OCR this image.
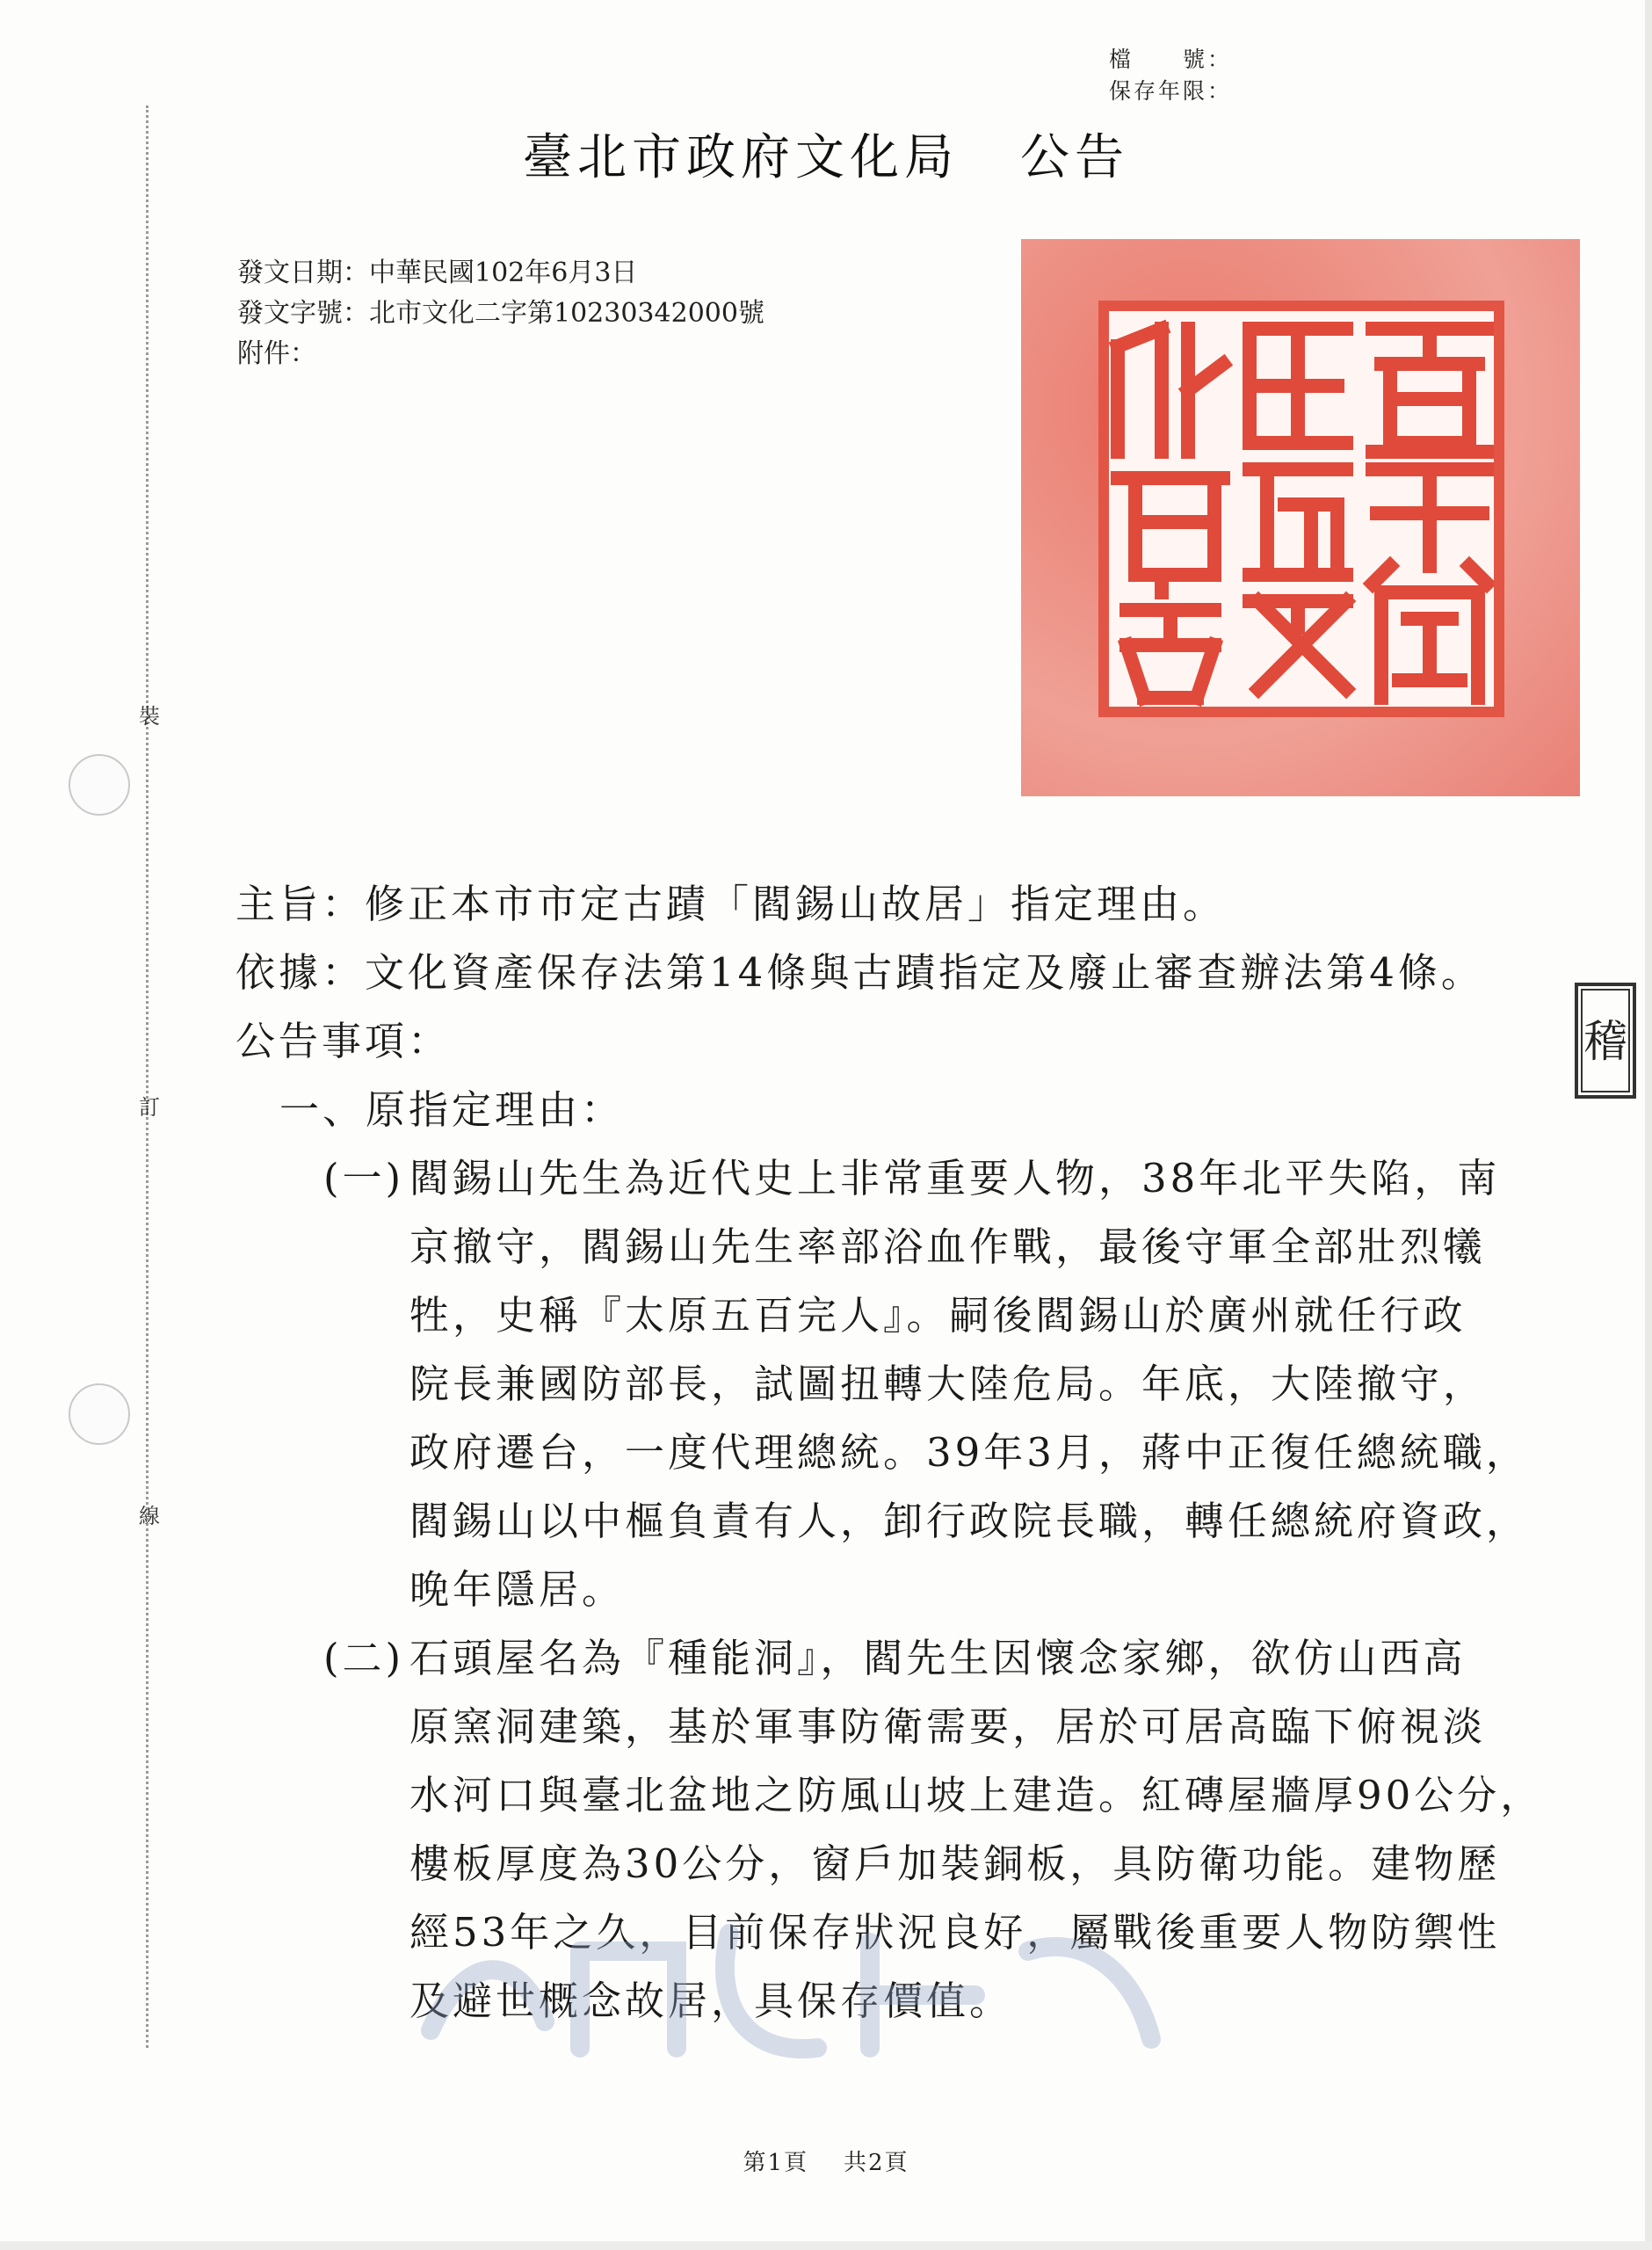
檔　　號：
保存年限：
臺北市政府文化局 公告
發文日期：中華民國102年6月3日
發文字號：北市文化二字第10230342000號
附件：
裝
訂
線
稽
主旨：修正本市市定古蹟「閻錫山故居」指定理由。
依據：文化資產保存法第14條與古蹟指定及廢止審查辦法第4條。
公告事項：
一、原指定理由：
(一) 閻錫山先生為近代史上非常重要人物，38年北平失陷，南
京撤守，閻錫山先生率部浴血作戰，最後守軍全部壯烈犧
牲，史稱『太原五百完人』。嗣後閻錫山於廣州就任行政
院長兼國防部長，試圖扭轉大陸危局。年底，大陸撤守，
政府遷台，一度代理總統。39年3月，蔣中正復任總統職，
閻錫山以中樞負責有人，卸行政院長職，轉任總統府資政，
晚年隱居。
(二) 石頭屋名為『種能洞』，閻先生因懷念家鄉，欲仿山西高
原窯洞建築，基於軍事防衛需要，居於可居高臨下俯視淡
水河口與臺北盆地之防風山坡上建造。紅磚屋牆厚90公分，
樓板厚度為30公分，窗戶加裝銅板，具防衛功能。建物歷
經53年之久，目前保存狀況良好，屬戰後重要人物防禦性
及避世概念故居，具保存價值。
第1頁 共2頁
